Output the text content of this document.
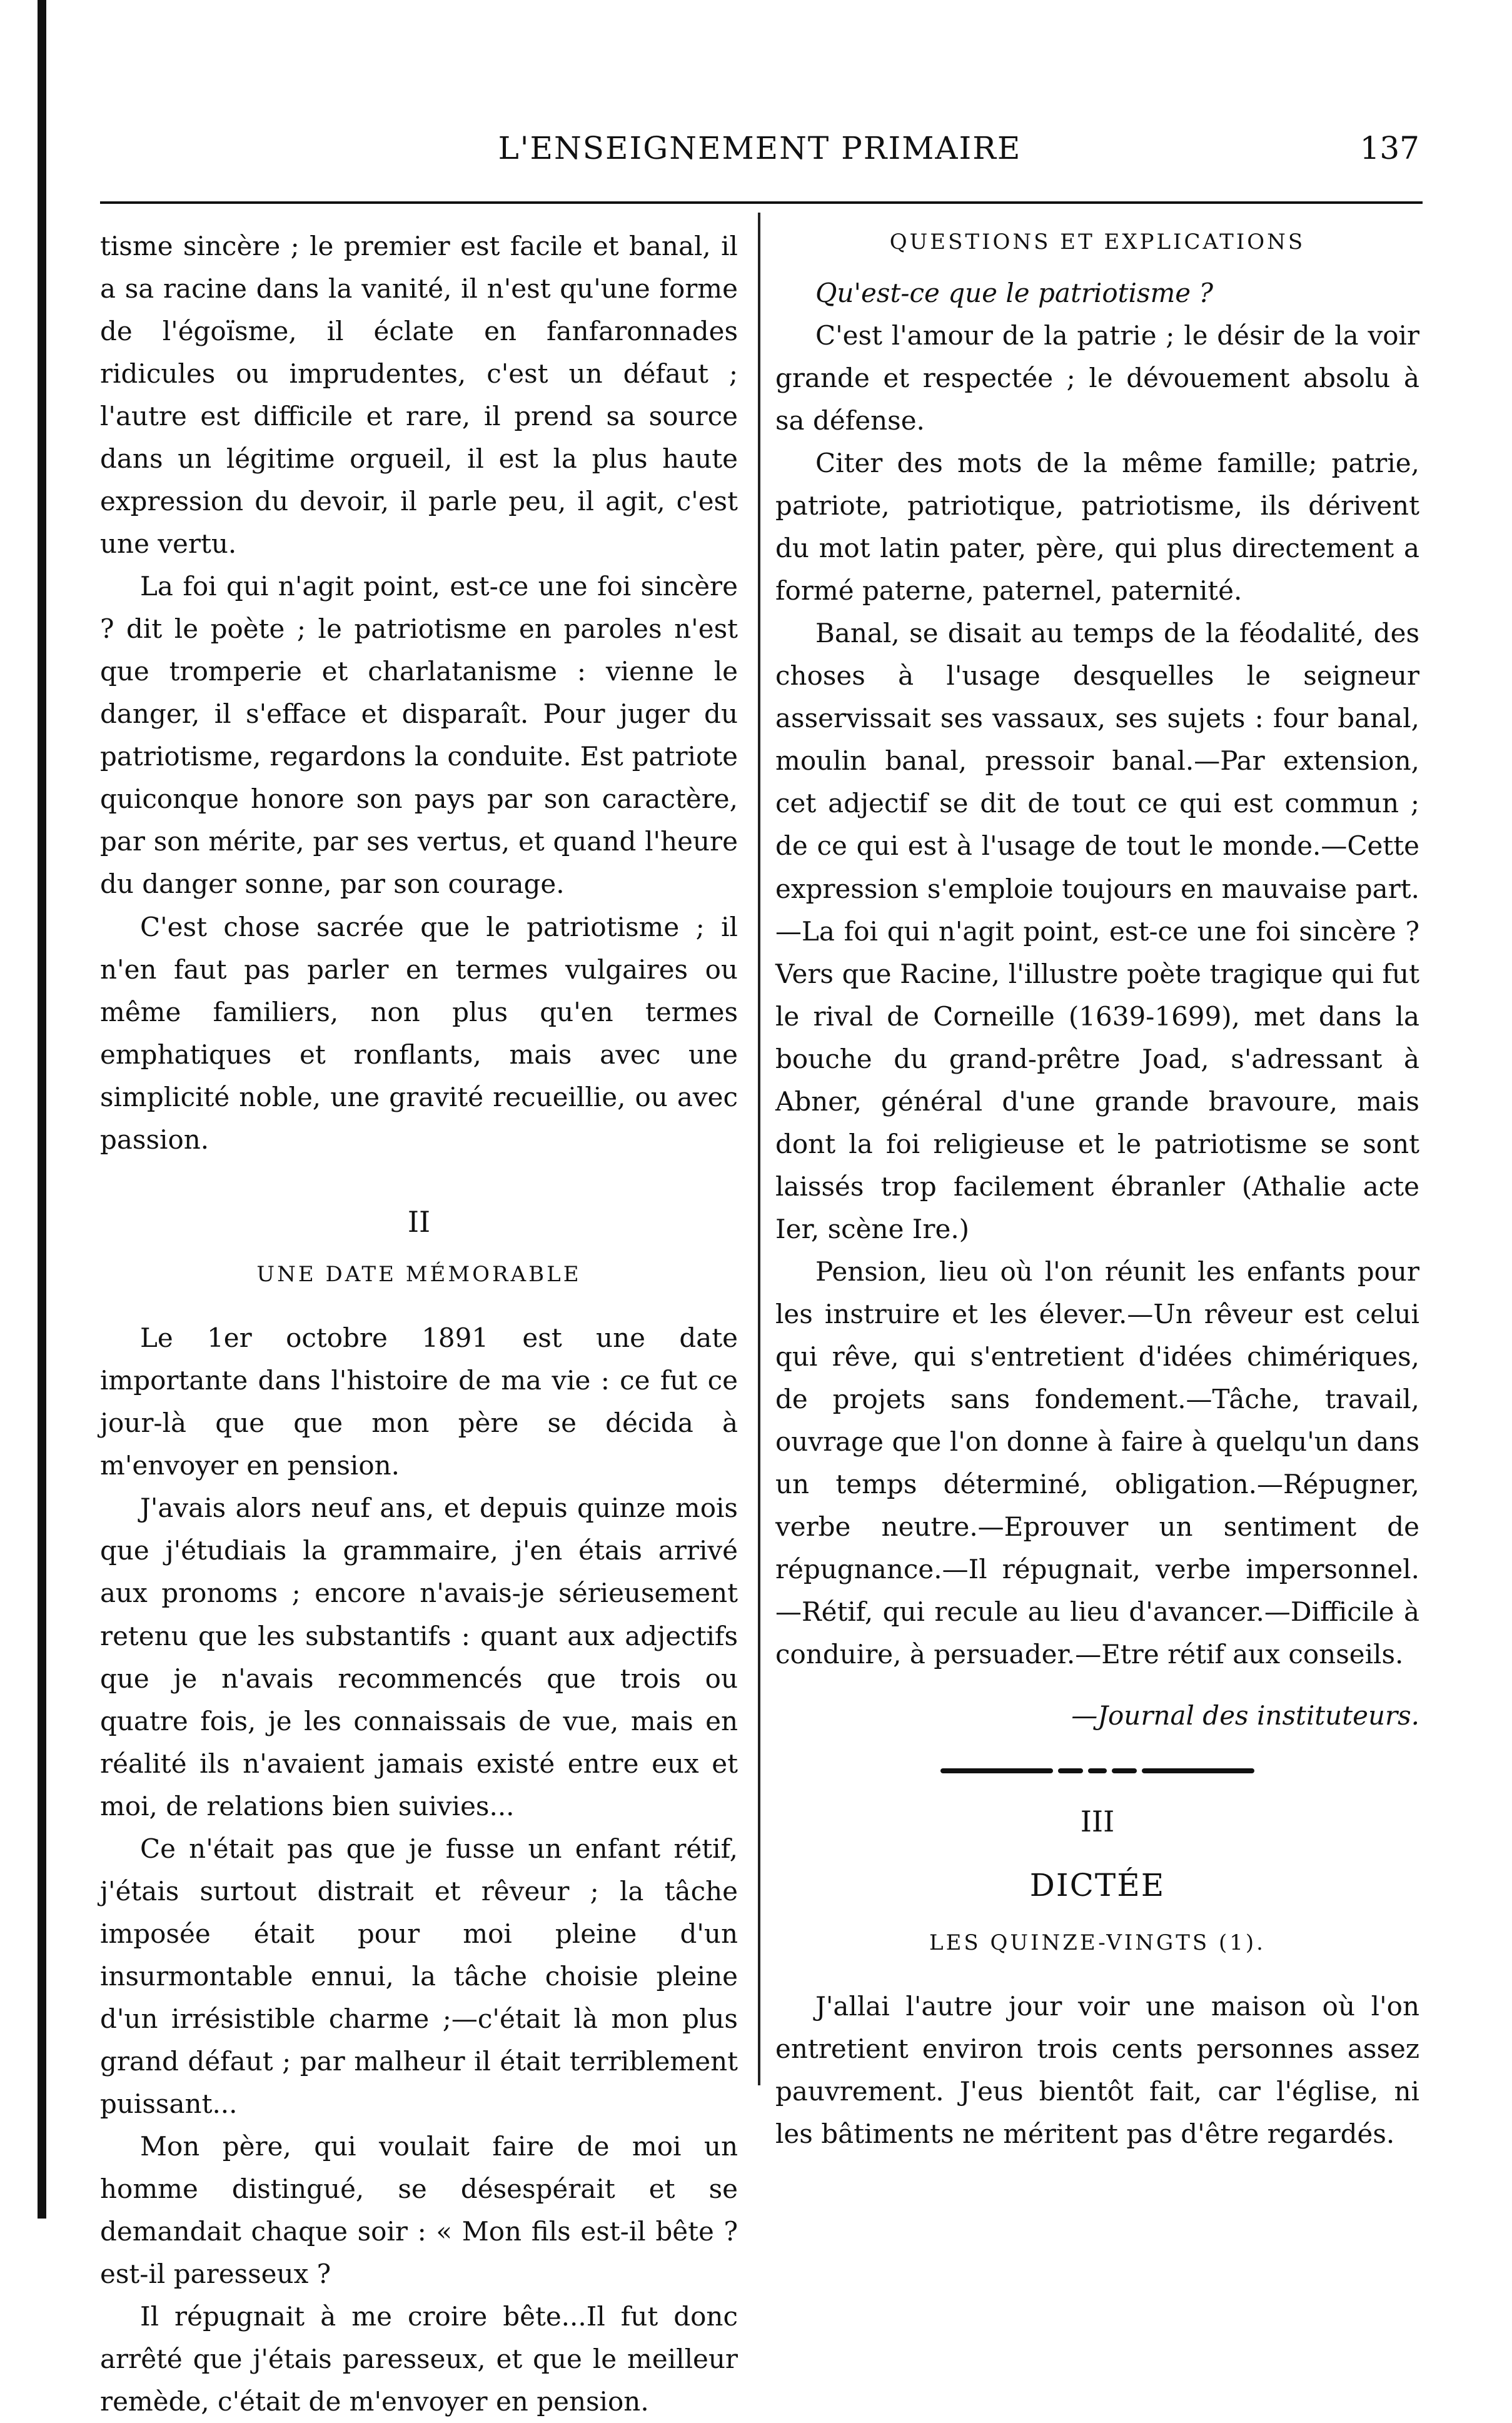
L'ENSEIGNEMENT PRIMAIRE	137

tisme sincère ; le premier est facile et banal, il a sa racine dans la vanité, il n'est qu'une forme de l'égoïsme, il éclate en fanfaronnades ridicules ou imprudentes, c'est un défaut ; l'autre est difficile et rare, il prend sa source dans un légitime orgueil, il est la plus haute expression du devoir, il parle peu, il agit, c'est une vertu.

La foi qui n'agit point, est-ce une foi sincère ? dit le poète ; le patriotisme en paroles n'est que tromperie et charlatanisme : vienne le danger, il s'efface et disparaît. Pour juger du patriotisme, regardons la conduite. Est patriote quiconque honore son pays par son caractère, par son mérite, par ses vertus, et quand l'heure du danger sonne, par son courage.

C'est chose sacrée que le patriotisme ; il n'en faut pas parler en termes vulgaires ou même familiers, non plus qu'en termes emphatiques et ronflants, mais avec une simplicité noble, une gravité recueillie, ou avec passion.

II

UNE DATE MÉMORABLE

Le 1er octobre 1891 est une date importante dans l'histoire de ma vie : ce fut ce jour-là que que mon père se décida à m'envoyer en pension.

J'avais alors neuf ans, et depuis quinze mois que j'étudiais la grammaire, j'en étais arrivé aux pronoms ; encore n'avais-je sérieusement retenu que les substantifs : quant aux adjectifs que je n'avais recommencés que trois ou quatre fois, je les connaissais de vue, mais en réalité ils n'avaient jamais existé entre eux et moi, de relations bien suivies...

Ce n'était pas que je fusse un enfant rétif, j'étais surtout distrait et rêveur ; la tâche imposée était pour moi pleine d'un insurmontable ennui, la tâche choisie pleine d'un irrésistible charme ;—c'était là mon plus grand défaut ; par malheur il était terriblement puissant...

Mon père, qui voulait faire de moi un homme distingué, se désespérait et se demandait chaque soir : « Mon fils est-il bête ? est-il paresseux ?

Il répugnait à me croire bête...Il fut donc arrêté que j'étais paresseux, et que le meilleur remède, c'était de m'envoyer en pension.

QUESTIONS ET EXPLICATIONS

Qu'est-ce que le patriotisme ?

C'est l'amour de la patrie ; le désir de la voir grande et respectée ; le dévouement absolu à sa défense.

Citer des mots de la même famille; patrie, patriote, patriotique, patriotisme, ils dérivent du mot latin pater, père, qui plus directement a formé paterne, paternel, paternité.

Banal, se disait au temps de la féodalité, des choses à l'usage desquelles le seigneur asservissait ses vassaux, ses sujets : four banal, moulin banal, pressoir banal.—Par extension, cet adjectif se dit de tout ce qui est commun ; de ce qui est à l'usage de tout le monde.—Cette expression s'emploie toujours en mauvaise part.—La foi qui n'agit point, est-ce une foi sincère ? Vers que Racine, l'illustre poète tragique qui fut le rival de Corneille (1639-1699), met dans la bouche du grand-prêtre Joad, s'adressant à Abner, général d'une grande bravoure, mais dont la foi religieuse et le patriotisme se sont laissés trop facilement ébranler (Athalie acte Ier, scène Ire.)

Pension, lieu où l'on réunit les enfants pour les instruire et les élever.—Un rêveur est celui qui rêve, qui s'entretient d'idées chimériques, de projets sans fondement.—Tâche, travail, ouvrage que l'on donne à faire à quelqu'un dans un temps déterminé, obligation.—Répugner, verbe neutre.—Eprouver un sentiment de répugnance.—Il répugnait, verbe impersonnel.—Rétif, qui recule au lieu d'avancer.—Difficile à conduire, à persuader.—Etre rétif aux conseils.

—Journal des instituteurs.

III

DICTÉE

LES QUINZE-VINGTS (1).

J'allai l'autre jour voir une maison où l'on entretient environ trois cents personnes assez pauvrement. J'eus bientôt fait, car l'église, ni les bâtiments ne méritent pas d'être regardés.
